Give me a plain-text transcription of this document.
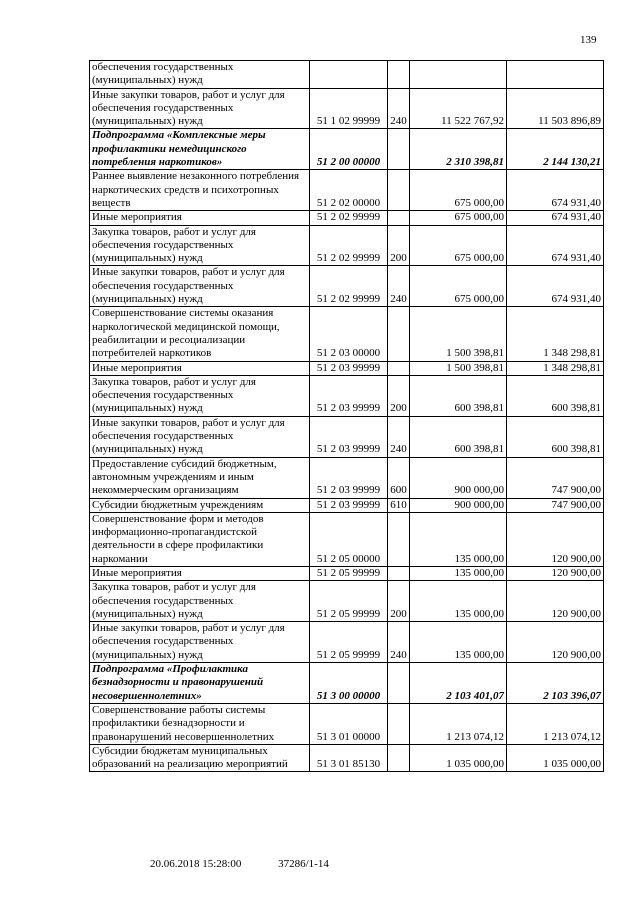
139
обеспечения государственных (муниципальных) нужд				
Иные закупки товаров, работ и услуг для обеспечения государственных (муниципальных) нужд	51 1 02 99999	240	11 522 767,92	11 503 896,89
Подпрограмма «Комплексные меры профилактики немедицинского потребления наркотиков»	51 2 00 00000		2 310 398,81	2 144 130,21
Раннее выявление незаконного потребления наркотических средств и психотропных веществ	51 2 02 00000		675 000,00	674 931,40
Иные мероприятия	51 2 02 99999		675 000,00	674 931,40
Закупка товаров, работ и услуг для обеспечения государственных (муниципальных) нужд	51 2 02 99999	200	675 000,00	674 931,40
Иные закупки товаров, работ и услуг для обеспечения государственных (муниципальных) нужд	51 2 02 99999	240	675 000,00	674 931,40
Совершенствование системы оказания наркологической медицинской помощи, реабилитации и ресоциализации потребителей наркотиков	51 2 03 00000		1 500 398,81	1 348 298,81
Иные мероприятия	51 2 03 99999		1 500 398,81	1 348 298,81
Закупка товаров, работ и услуг для обеспечения государственных (муниципальных) нужд	51 2 03 99999	200	600 398,81	600 398,81
Иные закупки товаров, работ и услуг для обеспечения государственных (муниципальных) нужд	51 2 03 99999	240	600 398,81	600 398,81
Предоставление субсидий бюджетным, автономным учреждениям и иным некоммерческим организациям	51 2 03 99999	600	900 000,00	747 900,00
Субсидии бюджетным учреждениям	51 2 03 99999	610	900 000,00	747 900,00
Совершенствование форм и методов информационно-пропагандистской деятельности в сфере профилактики наркомании	51 2 05 00000		135 000,00	120 900,00
Иные мероприятия	51 2 05 99999		135 000,00	120 900,00
Закупка товаров, работ и услуг для обеспечения государственных (муниципальных) нужд	51 2 05 99999	200	135 000,00	120 900,00
Иные закупки товаров, работ и услуг для обеспечения государственных (муниципальных) нужд	51 2 05 99999	240	135 000,00	120 900,00
Подпрограмма «Профилактика безнадзорности и правонарушений несовершеннолетних»	51 3 00 00000		2 103 401,07	2 103 396,07
Совершенствование работы системы профилактики безнадзорности и правонарушений несовершеннолетних	51 3 01 00000		1 213 074,12	1 213 074,12
Субсидии бюджетам муниципальных образований на реализацию мероприятий	51 3 01 85130		1 035 000,00	1 035 000,00
20.06.2018 15:28:00	37286/1-14
